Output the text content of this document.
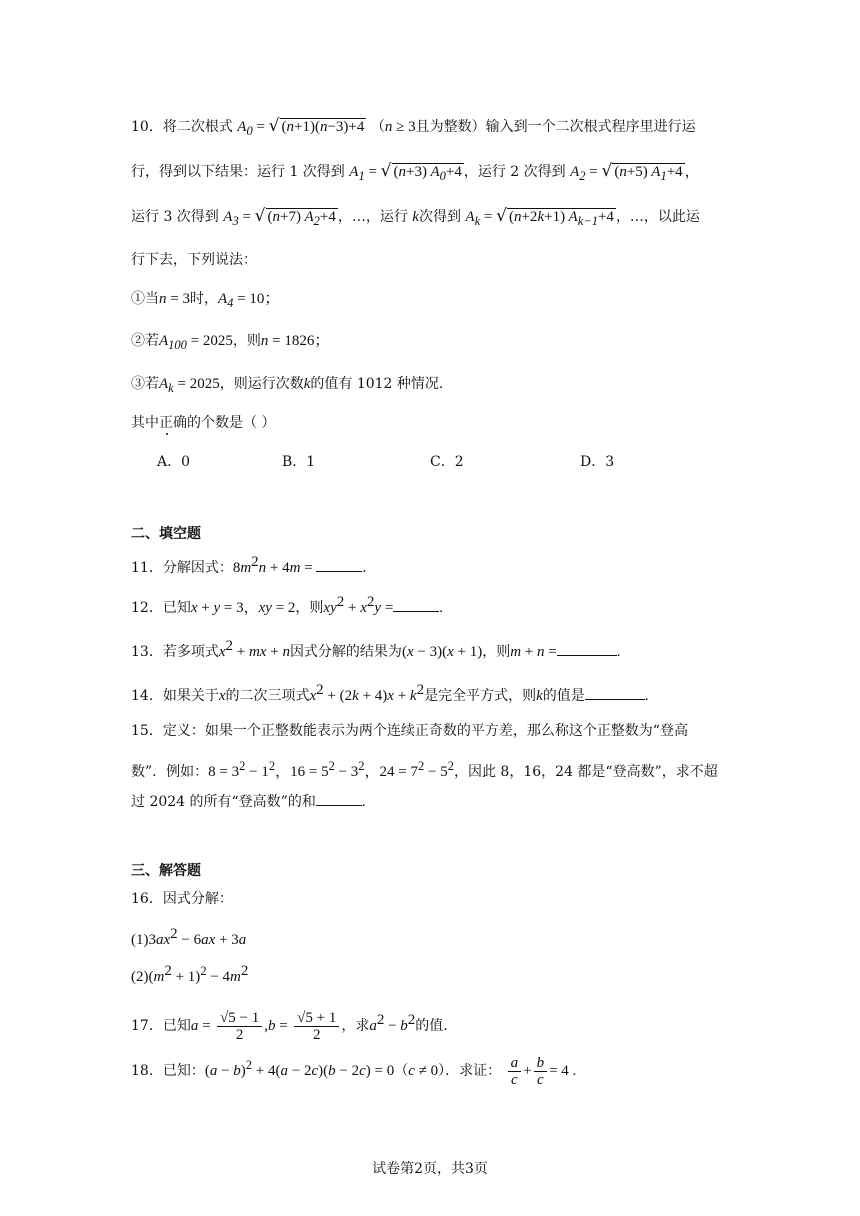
10．将二次根式 $A_0$ = √ (n+1)(n−3)+4 （n ≥ 3且为整数）输入到一个二次根式程序里进行运
行，得到以下结果：运行 1 次得到 $A_1$ = √ (n+3) $A_0+4$ ，运行 2 次得到 $A_2$ = √ (n+5) $A_1+4$ ，
运行 3 次得到 $A_3$ = √ (n+7) $A_2+4$ ，…，运行 k次得到 $A_k$ = √ (n+2k+1) $A_{k-1}+4$ ，…，以此运
行下去，下列说法：
①当n = 3时，$A_4 = 10$；
②若$A_{100} = 2025$，则n = 1826；
③若$A_k = 2025$，则运行次数k的值有 1012 种情况.
其中正确的个数是（ ）
A．0	B．1	C．2	D．3
二、填空题
11．分解因式：$8m^2n + 4m$ =	.
12．已知x + y = 3，xy = 2，则$xy^2 + x^2y$ =	.
13．若多项式$x^2$ + mx + n因式分解的结果为(x − 3)(x + 1)，则m + n =	.
14．如果关于x的二次三项式$x^2 + (2k + 4)x + k^2$是完全平方式，则k的值是	.
15．定义：如果一个正整数能表示为两个连续正奇数的平方差，那么称这个正整数为“登高
数”．例如：$8 = 3^2 - 1^2$，$16 = 5^2 - 3^2$，$24 = 7^2 - 5^2$，因此 8，16，24 都是“登高数”，求不超
过 2024 的所有“登高数”的和	.
三、解答题
16．因式分解：
$(1)3ax^2 - 6ax + 3a$
$(2)(m^2 + 1)^2 - 4m^2$
17．已知$a = \frac{√5 - 1}{2} ,b = \frac{√5 + 1}{2}$ ，求$a^2 - b^2$的值.
18．已知：$(a - b)^2 + 4(a - 2c)(b - 2c) = 0(c \ne 0)$．求证： $\frac{a}{c} + \frac{b}{c} = 4$ .
试卷第2页，共3页
